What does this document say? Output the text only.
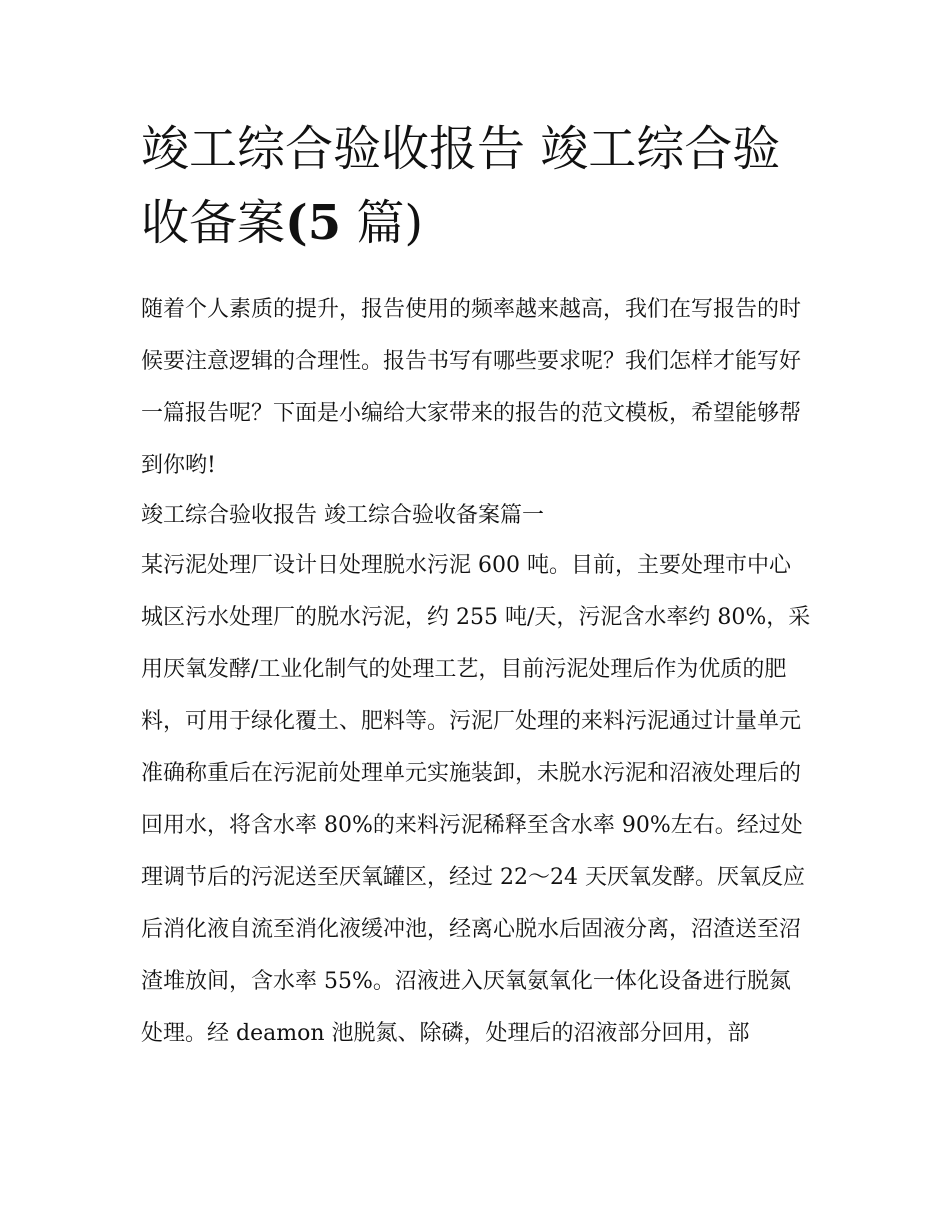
竣工综合验收报告 竣工综合验
收备案(5 篇)

随着个人素质的提升，报告使用的频率越来越高，我们在写报告的时候要注意逻辑的合理性。报告书写有哪些要求呢？我们怎样才能写好一篇报告呢？下面是小编给大家带来的报告的范文模板，希望能够帮到你哟!

竣工综合验收报告 竣工综合验收备案篇一

某污泥处理厂设计日处理脱水污泥 600 吨。目前，主要处理市中心城区污水处理厂的脱水污泥，约 255 吨/天，污泥含水率约 80%，采用厌氧发酵/工业化制气的处理工艺，目前污泥处理后作为优质的肥料，可用于绿化覆土、肥料等。污泥厂处理的来料污泥通过计量单元准确称重后在污泥前处理单元实施装卸，未脱水污泥和沼液处理后的回用水，将含水率 80%的来料污泥稀释至含水率 90%左右。经过处理调节后的污泥送至厌氧罐区，经过 22～24 天厌氧发酵。厌氧反应后消化液自流至消化液缓冲池，经离心脱水后固液分离，沼渣送至沼渣堆放间，含水率 55%。沼液进入厌氧氨氧化一体化设备进行脱氮处理。经 deamon 池脱氮、除磷，处理后的沼液部分回用，部
